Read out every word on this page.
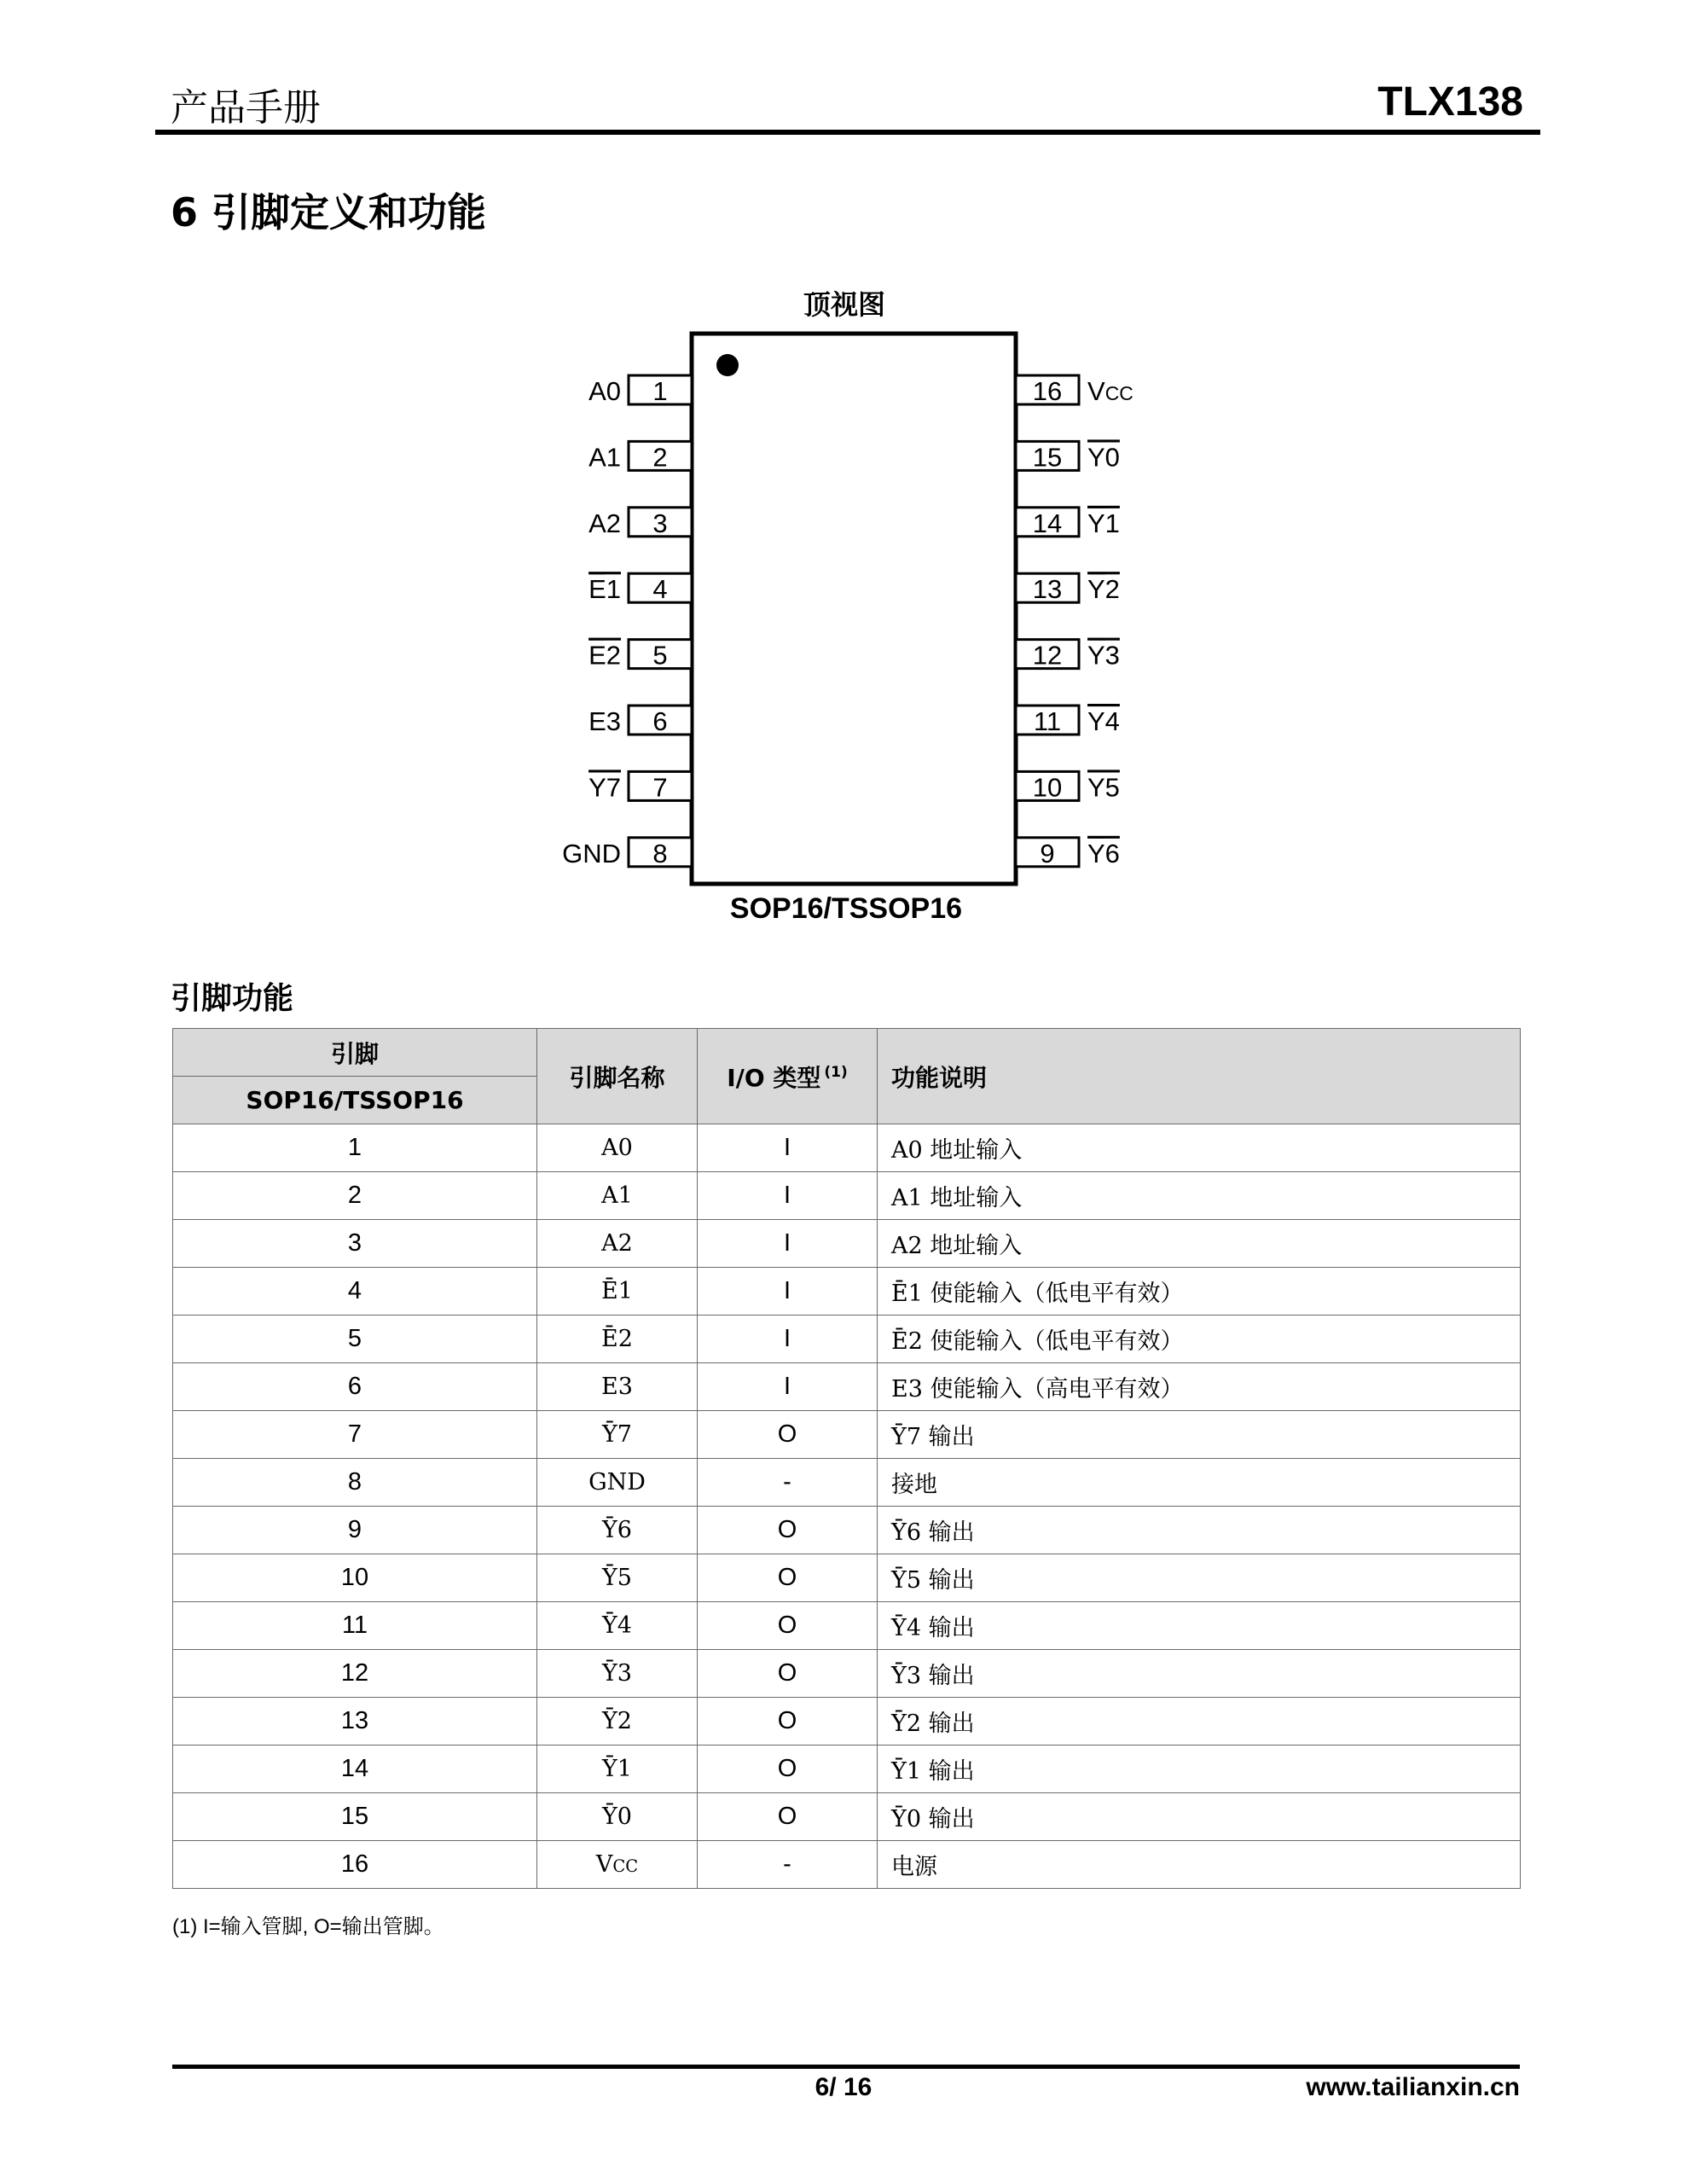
产品手册	TLX138
6 引脚定义和功能
顶视图
1
A0
2
A1
3
A2
4
E1
5
E2
6
E3
7
Y7
8
GND
16 VCC
15 Y0
14 Y1
13 Y2
12 Y3
11 Y4
10 Y5
9 Y6
SOP16/TSSOP16
引脚功能
引脚	引脚名称	I/O 类型 $^{(1)}$	功能说明
SOP16/TSSOP16			
1	A0	I	A0 地址输入
2	A1	I	A1 地址输入
3	A2	I	A2 地址输入
4	Ē1	I	Ē1 使能输入（低电平有效）
5	Ē2	I	Ē2 使能输入（低电平有效）
6	E3	I	E3 使能输入（高电平有效）
7	Ȳ7	O	Ȳ7 输出
8	GND	-	接地
9	Ȳ6	O	Ȳ6 输出
10	Ȳ5	O	Ȳ5 输出
11	Ȳ4	O	Ȳ4 输出
12	Ȳ3	O	Ȳ3 输出
13	Ȳ2	O	Ȳ2 输出
14	Ȳ1	O	Ȳ1 输出
15	Ȳ0	O	Ȳ0 输出
16	VCC	-	电源
(1) I=输入管脚, O=输出管脚。
6/ 16	www.tailianxin.cn
